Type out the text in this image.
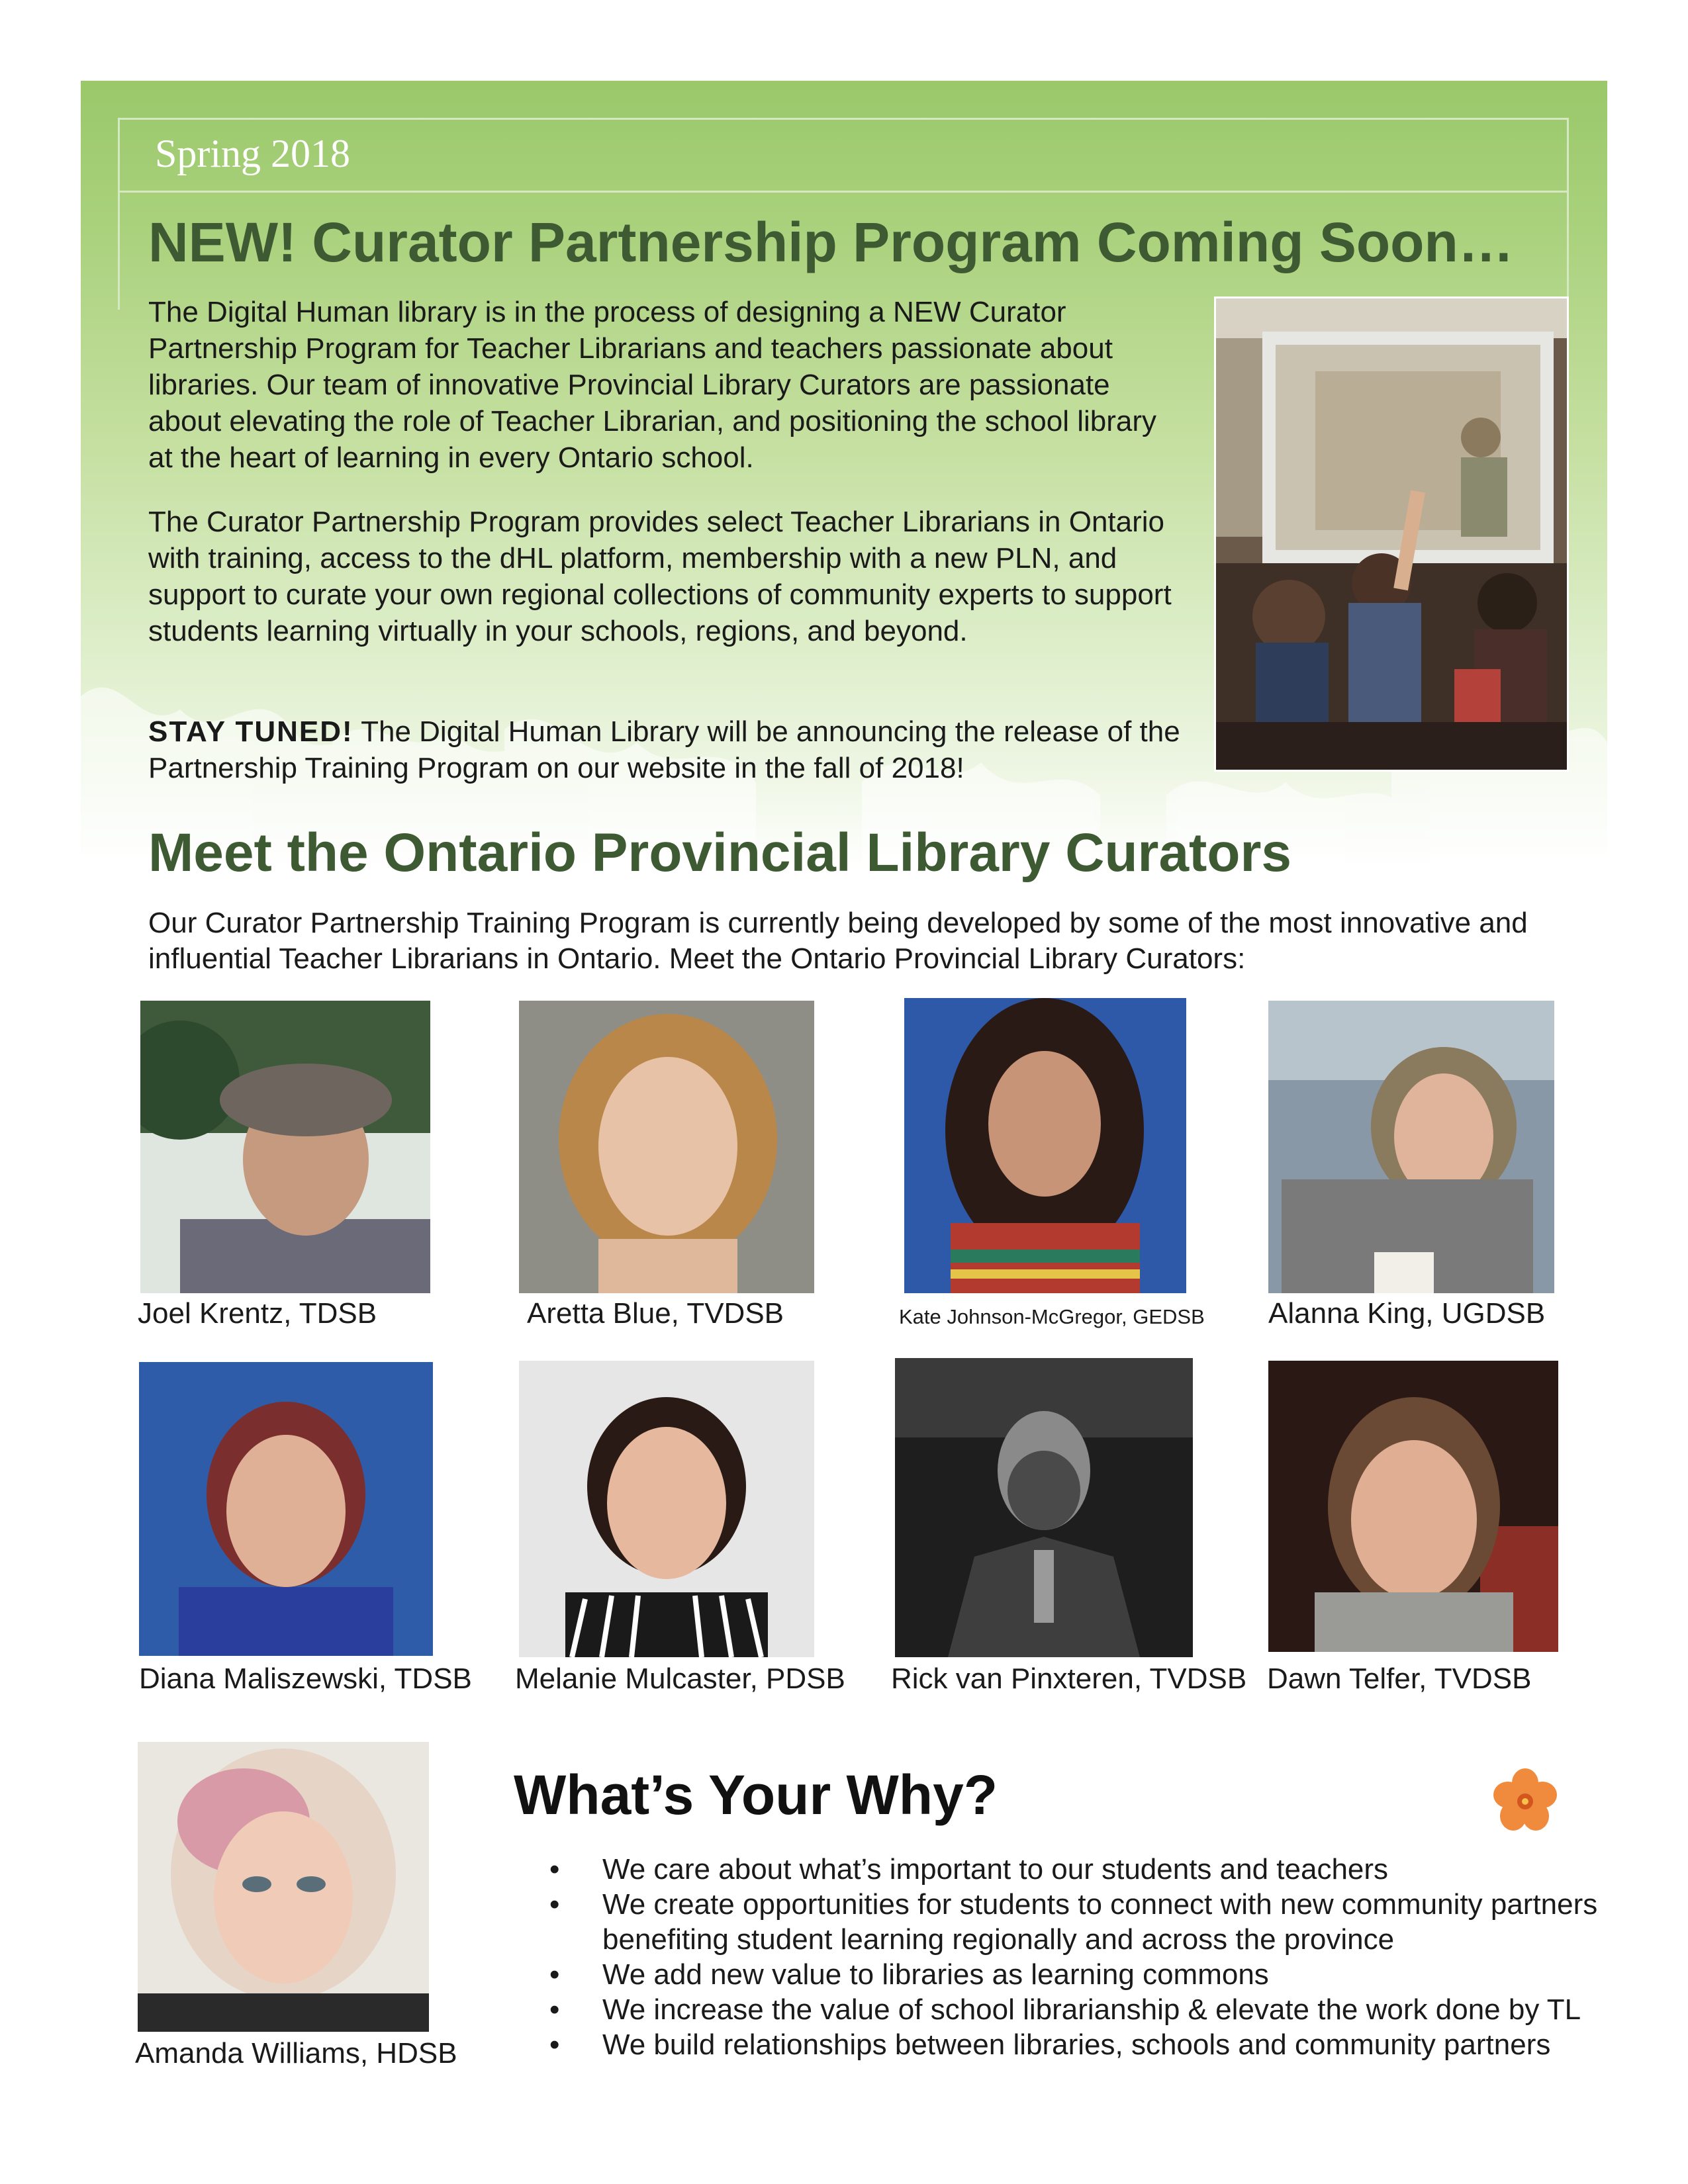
Spring 2018
NEW! Curator Partnership Program Coming Soon…

The Digital Human library is in the process of designing a NEW Curator Partnership Program for Teacher Librarians and teachers passionate about libraries. Our team of innovative Provincial Library Curators are passionate about elevating the role of Teacher Librarian, and positioning the school library at the heart of learning in every Ontario school.

The Curator Partnership Program provides select Teacher Librarians in Ontario with training, access to the dHL platform, membership with a new PLN, and support to curate your own regional collections of community experts to support students learning virtually in your schools, regions, and beyond.

STAY TUNED! The Digital Human Library will be announcing the release of the Partnership Training Program on our website in the fall of 2018!

Meet the Ontario Provincial Library Curators

Our Curator Partnership Training Program is currently being developed by some of the most innovative and influential Teacher Librarians in Ontario. Meet the Ontario Provincial Library Curators:

Joel Krentz, TDSB	Aretta Blue, TVDSB	Kate Johnson-McGregor, GEDSB Alanna King, UGDSB
Diana Maliszewski, TDSB Melanie Mulcaster, PDSB Rick van Pinxteren, TVDSB Dawn Telfer, TVDSB
Amanda Williams, HDSB
What’s Your Why?
• We care about what’s important to our students and teachers
• We create opportunities for students to connect with new community partners benefiting student learning regionally and across the province
• We add new value to libraries as learning commons
• We increase the value of school librarianship & elevate the work done by TL
• We build relationships between libraries, schools and community partners
